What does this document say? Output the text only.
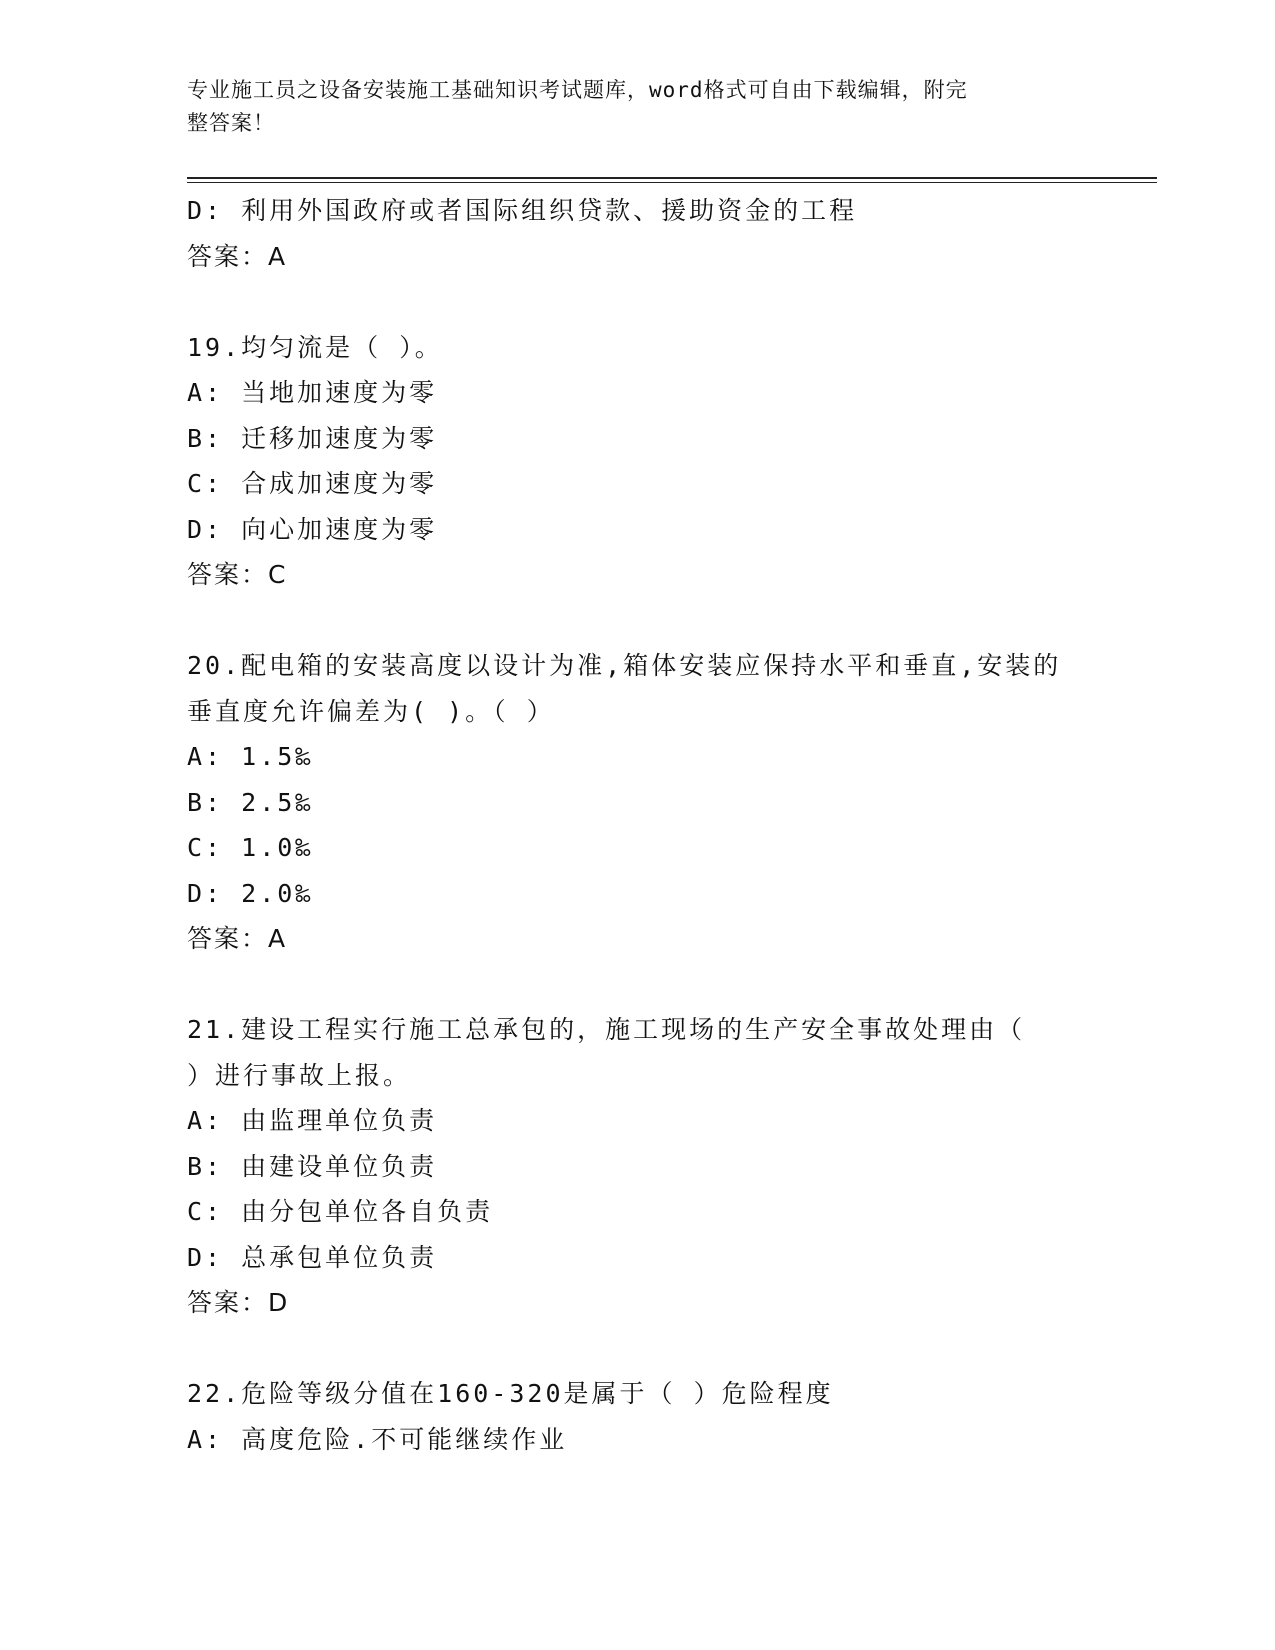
专业施工员之设备安装施工基础知识考试题库，word格式可自由下载编辑，附完
整答案！
D: 利用外国政府或者国际组织贷款、援助资金的工程
答案：A
19.均匀流是（ ）。
A: 当地加速度为零
B: 迁移加速度为零
C: 合成加速度为零
D: 向心加速度为零
答案：C
20.配电箱的安装高度以设计为准,箱体安装应保持水平和垂直,安装的
垂直度允许偏差为( )。（ ）
A: 1.5‰
B: 2.5‰
C: 1.0‰
D: 2.0‰
答案：A
21.建设工程实行施工总承包的，施工现场的生产安全事故处理由（
）进行事故上报。
A: 由监理单位负责
B: 由建设单位负责
C: 由分包单位各自负责
D: 总承包单位负责
答案：D
22.危险等级分值在160-320是属于（ ）危险程度
A: 高度危险.不可能继续作业
